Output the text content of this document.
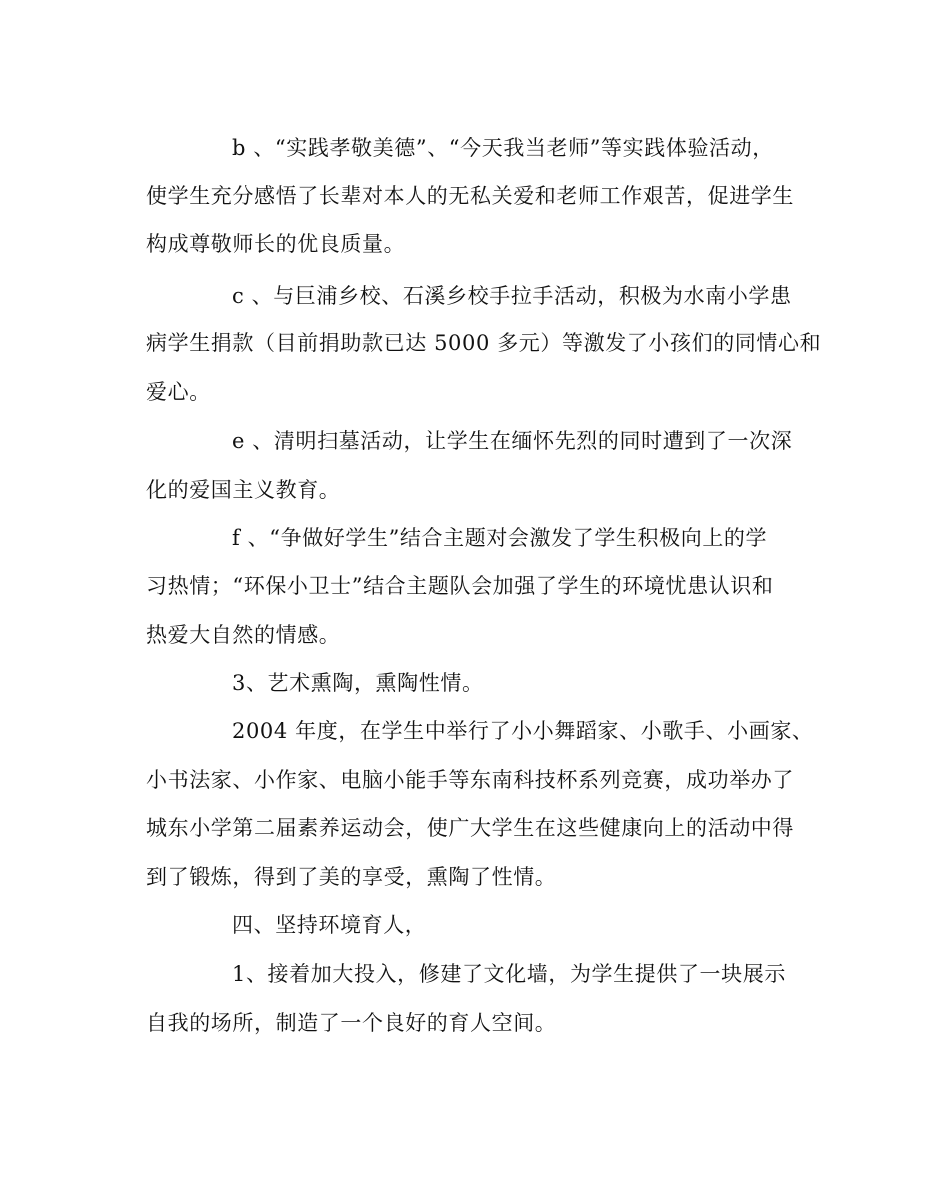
b 、“实践孝敬美德”、“今天我当老师”等实践体验活动，
使学生充分感悟了长辈对本人的无私关爱和老师工作艰苦，促进学生
构成尊敬师长的优良质量。
c 、与巨浦乡校、石溪乡校手拉手活动，积极为水南小学患
病学生捐款（目前捐助款已达 5000 多元）等激发了小孩们的同情心和
爱心。
e 、清明扫墓活动，让学生在缅怀先烈的同时遭到了一次深
化的爱国主义教育。
f 、“争做好学生”结合主题对会激发了学生积极向上的学
习热情；“环保小卫士”结合主题队会加强了学生的环境忧患认识和
热爱大自然的情感。
3、艺术熏陶，熏陶性情。
2004 年度，在学生中举行了小小舞蹈家、小歌手、小画家、
小书法家、小作家、电脑小能手等东南科技杯系列竞赛，成功举办了
城东小学第二届素养运动会，使广大学生在这些健康向上的活动中得
到了锻炼，得到了美的享受，熏陶了性情。
四、坚持环境育人，
1、接着加大投入，修建了文化墙，为学生提供了一块展示
自我的场所，制造了一个良好的育人空间。
